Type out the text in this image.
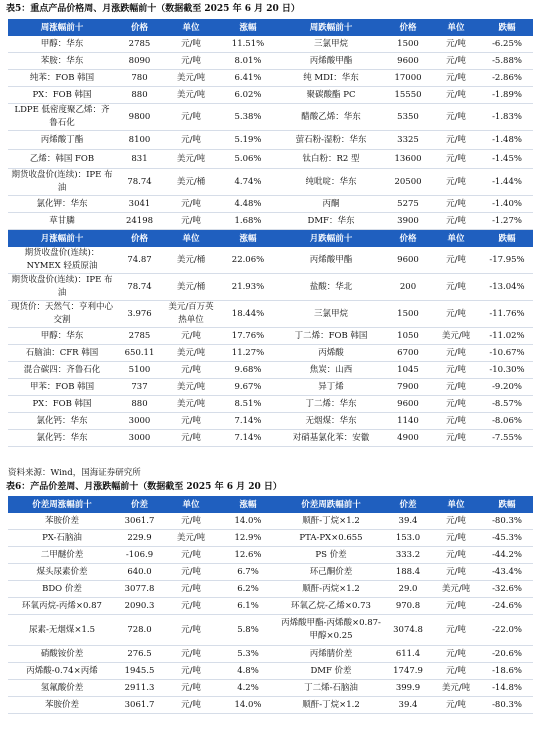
表5：重点产品价格周、月涨跌幅前十（数据截至 2025 年 6 月 20 日）
周涨幅前十	价格	单位	涨幅	周跌幅前十	价格	单位	跌幅
甲醇：华东	2785	元/吨	11.51%	三氯甲烷	1500	元/吨	-6.25%
苯胺：华东	8090	元/吨	8.01%	丙烯酸甲酯	9600	元/吨	-5.88%
纯苯：FOB 韩国	780	美元/吨	6.41%	纯 MDI：华东	17000	元/吨	-2.86%
PX：FOB 韩国	880	美元/吨	6.02%	聚碳酸酯 PC	15550	元/吨	-1.89%
LDPE 低密度聚乙烯：齐鲁石化	9800	元/吨	5.38%	醋酸乙烯：华东	5350	元/吨	-1.83%
丙烯酸丁酯	8100	元/吨	5.19%	萤石粉-湿粉：华东	3325	元/吨	-1.48%
乙烯：韩国 FOB	831	美元/吨	5.06%	钛白粉：R2 型	13600	元/吨	-1.45%
期货收盘价(连续)：IPE 布油	78.74	美元/桶	4.74%	纯吡啶：华东	20500	元/吨	-1.44%
氯化钾：华东	3041	元/吨	4.48%	丙酮	5275	元/吨	-1.40%
草甘膦	24198	元/吨	1.68%	DMF：华东	3900	元/吨	-1.27%
月涨幅前十	价格	单位	涨幅	月跌幅前十	价格	单位	跌幅
期货收盘价(连续)：NYMEX 轻质原油	74.87	美元/桶	22.06%	丙烯酸甲酯	9600	元/吨	-17.95%
期货收盘价(连续)：IPE 布油	78.74	美元/桶	21.93%	盐酸：华北	200	元/吨	-13.04%
现货价：天然气：亨利中心交割	3.976	美元/百万英热单位	18.44%	三氯甲烷	1500	元/吨	-11.76%
甲醇：华东	2785	元/吨	17.76%	丁二烯：FOB 韩国	1050	美元/吨	-11.02%
石脑油：CFR 韩国	650.11	美元/吨	11.27%	丙烯酸	6700	元/吨	-10.67%
混合碳四：齐鲁石化	5100	元/吨	9.68%	焦炭：山西	1045	元/吨	-10.30%
甲苯：FOB 韩国	737	美元/吨	9.67%	异丁烯	7900	元/吨	-9.20%
PX：FOB 韩国	880	美元/吨	8.51%	丁二烯：华东	9600	元/吨	-8.57%
氯化钙：华东	3000	元/吨	7.14%	无烟煤：华东	1140	元/吨	-8.06%
氯化钙：华东	3000	元/吨	7.14%	对硝基氯化苯：安徽	4900	元/吨	-7.55%
资料来源：Wind，国海证券研究所
表6：产品价差周、月涨跌幅前十（数据截至 2025 年 6 月 20 日）
价差周涨幅前十	价差	单位	涨幅	价差周跌幅前十	价差	单位	跌幅
苯胺价差	3061.7	元/吨	14.0%	顺酐-丁烷×1.2	39.4	元/吨	-80.3%
PX-石脑油	229.9	美元/吨	12.9%	PTA-PX×0.655	153.0	元/吨	-45.3%
二甲醚价差	-106.9	元/吨	12.6%	PS 价差	333.2	元/吨	-44.2%
煤头尿素价差	640.0	元/吨	6.7%	环己酮价差	188.4	元/吨	-43.4%
BDO 价差	3077.8	元/吨	6.2%	顺酐-丙烷×1.2	29.0	美元/吨	-32.6%
环氧丙烷-丙烯×0.87	2090.3	元/吨	6.1%	环氧乙烷-乙烯×0.73	970.8	元/吨	-24.6%
尿素-无烟煤×1.5	728.0	元/吨	5.8%	丙烯酸甲酯-丙烯酸×0.87-甲醇×0.25	3074.8	元/吨	-22.0%
硝酸铵价差	276.5	元/吨	5.3%	丙烯腈价差	611.4	元/吨	-20.6%
丙烯酸-0.74×丙烯	1945.5	元/吨	4.8%	DMF 价差	1747.9	元/吨	-18.6%
氢氟酸价差	2911.3	元/吨	4.2%	丁二烯-石脑油	399.9	美元/吨	-14.8%
苯胺价差	3061.7	元/吨	14.0%	顺酐-丁烷×1.2	39.4	元/吨	-80.3%
